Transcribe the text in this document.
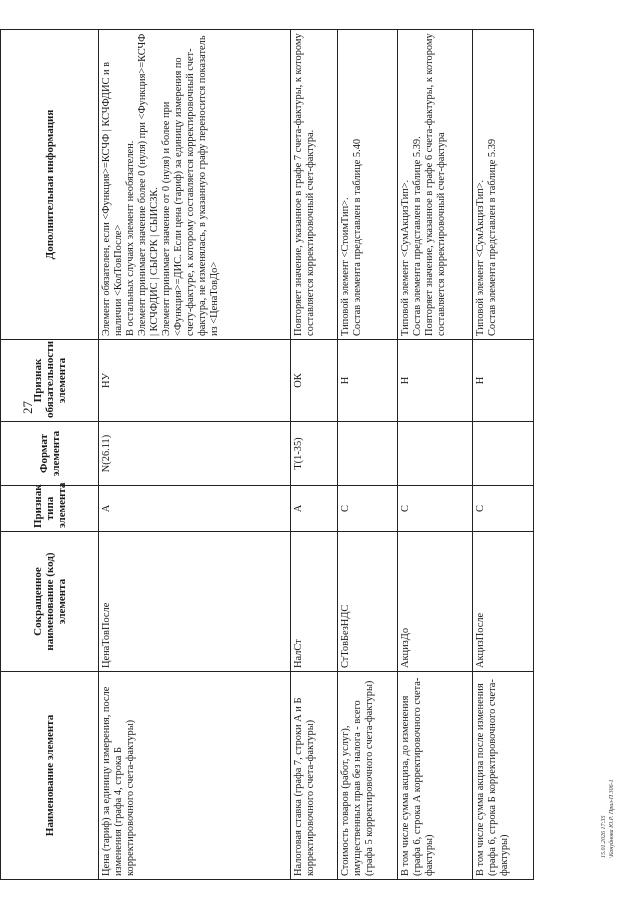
27
15.01.2026 17:35 \Конуйнова Ю.Р. Прил-П 306-1
Наименование элемента	Сокращенное наименование (код) элемента	Признак типа элемента	Формат элемента	Признак обязательности элемента	Дополнительная информация
Цена (тариф) за единицу измерения, после изменения (графа 4, строка Б корректировочного счета-фактуры)	ЦенаТовПосле	А	N(26.11)	НУ	Элемент обязателен, если <Функция>=КСЧФ | КСЧФДИС и в наличии <КолТовПосле> В остальных случаях элемент необязателен. Элемент принимает значение более 0 (нуля) при <Функция>=КСЧФ | КСЧФДИС | СЫСРК | СЫИСЗК. Элемент принимает значение от 0 (нуля) и более при <Функция>=ДИС. Если цена (тариф) за единицу измерения по счету-фактуре, к которому составляется корректировочный счет-фактура, не изменялась, в указанную графу переносится показатель из <ЦенаТовДо>

Налоговая ставка (графа 7, строки А и Б корректировочного счета-фактуры)	НалСт	А	T(1-35)	ОК	Повторяет значение, указанное в графе 7 счета-фактуры, к которому составляется корректировочный счет-фактура.

Стоимость товаров (работ, услуг), имущественных прав без налога - всего (графа 5 корректировочного счета-фактуры)	СтТовБезНДС	С		Н	Типовой элемент <СтоимТип>. Состав элемента представлен в таблице 5.40

В том числе сумма акциза, до изменения (графа 6, строка А корректировочного счета-фактуры)	АкцизДо	С		Н	Типовой элемент <СумАкцизТип>. Состав элемента представлен в таблице 5.39. Повторяет значение, указанное в графе 6 счета-фактуры, к которому составляется корректировочный счет-фактура

В том числе сумма акциза после изменения (графа 6, строка Б корректировочного счета-фактуры)	АкцизПосле	С		Н	Типовой элемент <СумАкцизТип>. Состав элемента представлен в таблице 5.39
